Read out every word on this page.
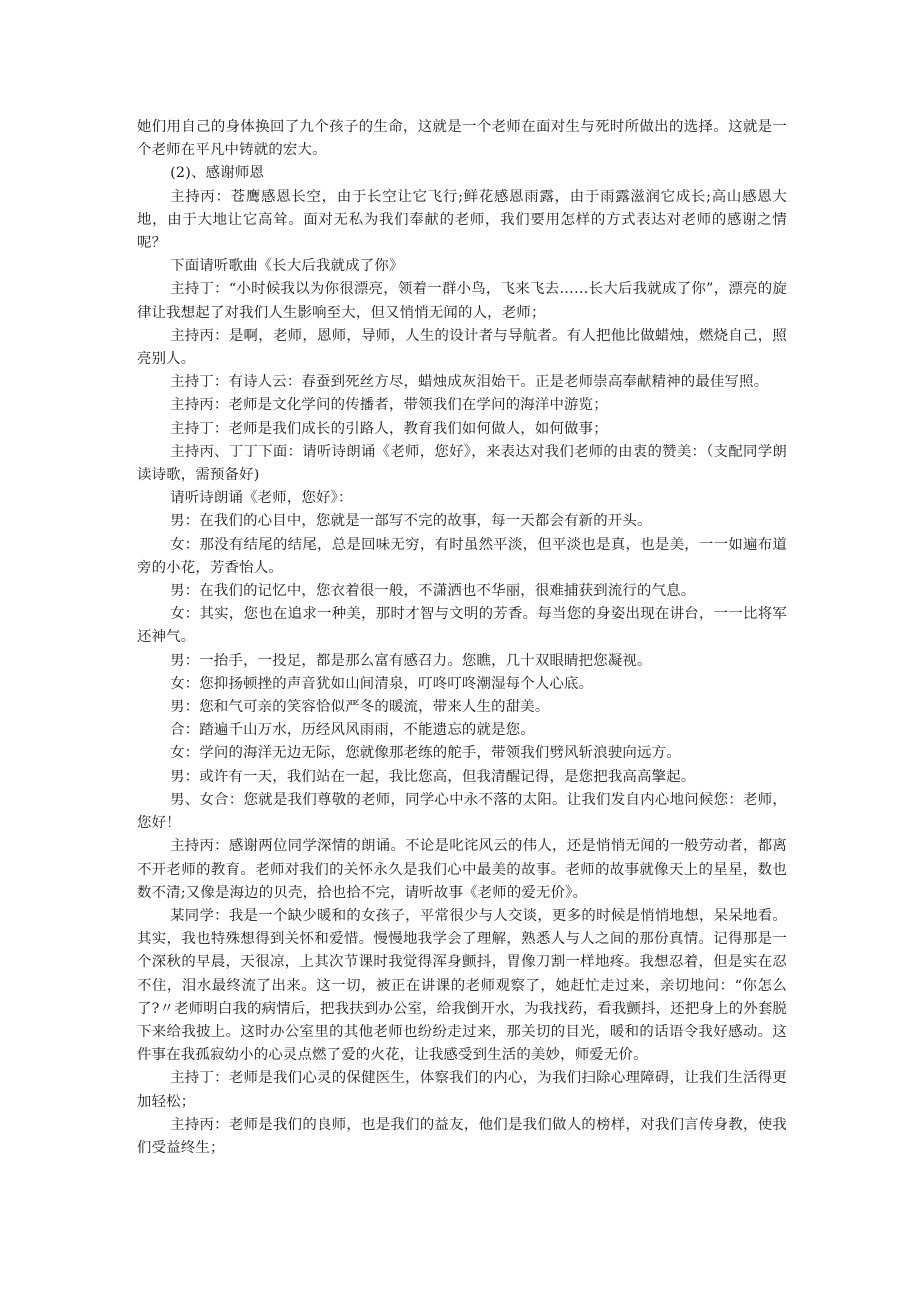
她们用自己的身体换回了九个孩子的生命，这就是一个老师在面对生与死时所做出的选择。这就是一个老师在平凡中铸就的宏大。

(2)、感谢师恩

主持丙：苍鹰感恩长空，由于长空让它飞行;鲜花感恩雨露，由于雨露滋润它成长;高山感恩大地，由于大地让它高耸。面对无私为我们奉献的老师，我们要用怎样的方式表达对老师的感谢之情呢？

下面请听歌曲《长大后我就成了你》

主持丁：“小时候我以为你很漂亮，领着一群小鸟，飞来飞去……长大后我就成了你”，漂亮的旋律让我想起了对我们人生影响至大，但又悄悄无闻的人，老师；

主持丙：是啊，老师，恩师，导师，人生的设计者与导航者。有人把他比做蜡烛，燃烧自己，照亮别人。

主持丁：有诗人云：春蚕到死丝方尽，蜡烛成灰泪始干。正是老师崇高奉献精神的最佳写照。

主持丙：老师是文化学问的传播者，带领我们在学问的海洋中游览；

主持丁：老师是我们成长的引路人，教育我们如何做人，如何做事；

主持丙、丁丁下面：请听诗朗诵《老师，您好》，来表达对我们老师的由衷的赞美：（支配同学朗读诗歌，需预备好)

请听诗朗诵《老师，您好》：

男：在我们的心目中，您就是一部写不完的故事，每一天都会有新的开头。

女：那没有结尾的结尾，总是回味无穷，有时虽然平淡，但平淡也是真，也是美，一一如遍布道旁的小花，芳香怡人。

男：在我们的记忆中，您衣着很一般，不潇洒也不华丽，很难捕获到流行的气息。

女：其实，您也在追求一种美，那时才智与文明的芳香。每当您的身姿出现在讲台，一一比将军还神气。

男：一抬手，一投足，都是那么富有感召力。您瞧，几十双眼睛把您凝视。

女：您抑扬顿挫的声音犹如山间清泉，叮咚叮咚潮湿每个人心底。

男：您和气可亲的笑容恰似严冬的暖流，带来人生的甜美。

合：踏遍千山万水，历经风风雨雨，不能遗忘的就是您。

女：学问的海洋无边无际，您就像那老练的舵手，带领我们劈风斩浪驶向远方。

男：或许有一天，我们站在一起，我比您高，但我清醒记得，是您把我高高擎起。

男、女合：您就是我们尊敬的老师，同学心中永不落的太阳。让我们发自内心地问候您：老师，您好！

主持丙：感谢两位同学深情的朗诵。不论是叱诧风云的伟人，还是悄悄无闻的一般劳动者，都离不开老师的教育。老师对我们的关怀永久是我们心中最美的故事。老师的故事就像天上的星星，数也数不清;又像是海边的贝壳，拾也拾不完，请听故事《老师的爱无价》。

某同学：我是一个缺少暖和的女孩子，平常很少与人交谈，更多的时候是悄悄地想，呆呆地看。其实，我也特殊想得到关怀和爱惜。慢慢地我学会了理解，熟悉人与人之间的那份真情。记得那是一个深秋的早晨，天很凉，上其次节课时我觉得浑身颤抖，胃像刀割一样地疼。我想忍着，但是实在忍不住，泪水最终流了出来。这一切，被正在讲课的老师观察了，她赶忙走过来，亲切地问：“你怎么了?〃老师明白我的病情后，把我扶到办公室，给我倒开水，为我找药，看我颤抖，还把身上的外套脱下来给我披上。这时办公室里的其他老师也纷纷走过来，那关切的目光，暖和的话语令我好感动。这件事在我孤寂幼小的心灵点燃了爱的火花，让我感受到生活的美妙，师爱无价。

主持丁：老师是我们心灵的保健医生，体察我们的内心，为我们扫除心理障碍，让我们生活得更加轻松；

主持丙：老师是我们的良师，也是我们的益友，他们是我们做人的榜样，对我们言传身教，使我们受益终生；
